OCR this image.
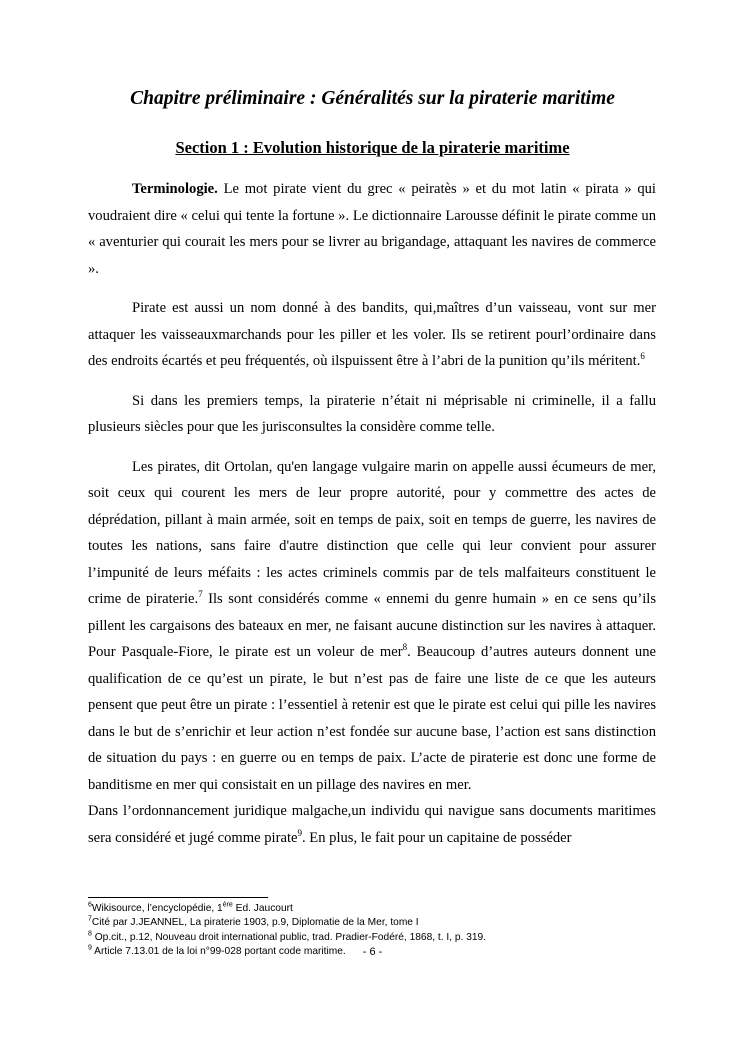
Chapitre préliminaire : Généralités sur la piraterie maritime
Section 1 : Evolution historique de la piraterie maritime

Terminologie. Le mot pirate vient du grec « peiratès » et du mot latin « pirata » qui voudraient dire « celui qui tente la fortune ». Le dictionnaire Larousse définit le pirate comme un « aventurier qui courait les mers pour se livrer au brigandage, attaquant les navires de commerce ».

Pirate est aussi un nom donné à des bandits, qui,maîtres d’un vaisseau, vont sur mer attaquer les vaisseauxmarchands pour les piller et les voler. Ils se retirent pourl’ordinaire dans des endroits écartés et peu fréquentés, où ilspuissent être à l’abri de la punition qu’ils méritent.$^6$

Si dans les premiers temps, la piraterie n’était ni méprisable ni criminelle, il a fallu plusieurs siècles pour que les jurisconsultes la considère comme telle.

Les pirates, dit Ortolan, qu'en langage vulgaire marin on appelle aussi écumeurs de mer, soit ceux qui courent les mers de leur propre autorité, pour y commettre des actes de déprédation, pillant à main armée, soit en temps de paix, soit en temps de guerre, les navires de toutes les nations, sans faire d'autre distinction que celle qui leur convient pour assurer l’impunité de leurs méfaits : les actes criminels commis par de tels malfaiteurs constituent le crime de piraterie.$^7$ Ils sont considérés comme « ennemi du genre humain » en ce sens qu’ils pillent les cargaisons des bateaux en mer, ne faisant aucune distinction sur les navires à attaquer. Pour Pasquale-Fiore, le pirate est un voleur de mer$^8$. Beaucoup d’autres auteurs donnent une qualification de ce qu’est un pirate, le but n’est pas de faire une liste de ce que les auteurs pensent que peut être un pirate : l’essentiel à retenir est que le pirate est celui qui pille les navires dans le but de s’enrichir et leur action n’est fondée sur aucune base, l’action est sans distinction de situation du pays : en guerre ou en temps de paix. L’acte de piraterie est donc une forme de banditisme en mer qui consistait en un pillage des navires en mer.

Dans l’ordonnancement juridique malgache,un individu qui navigue sans documents maritimes sera considéré et jugé comme pirate$^9$. En plus, le fait pour un capitaine de posséder

$^6$Wikisource, l’encyclopédie, 1ère Ed. Jaucourt
$^7$Cité par J.JEANNEL, La piraterie 1903, p.9, Diplomatie de la Mer, tome I
$^8$ Op.cit., p.12, Nouveau droit international public, trad. Pradier-Fodéré, 1868, t. I, p. 319.
$^9$ Article 7.13.01 de la loi n°99-028 portant code maritime.	- 6 -
